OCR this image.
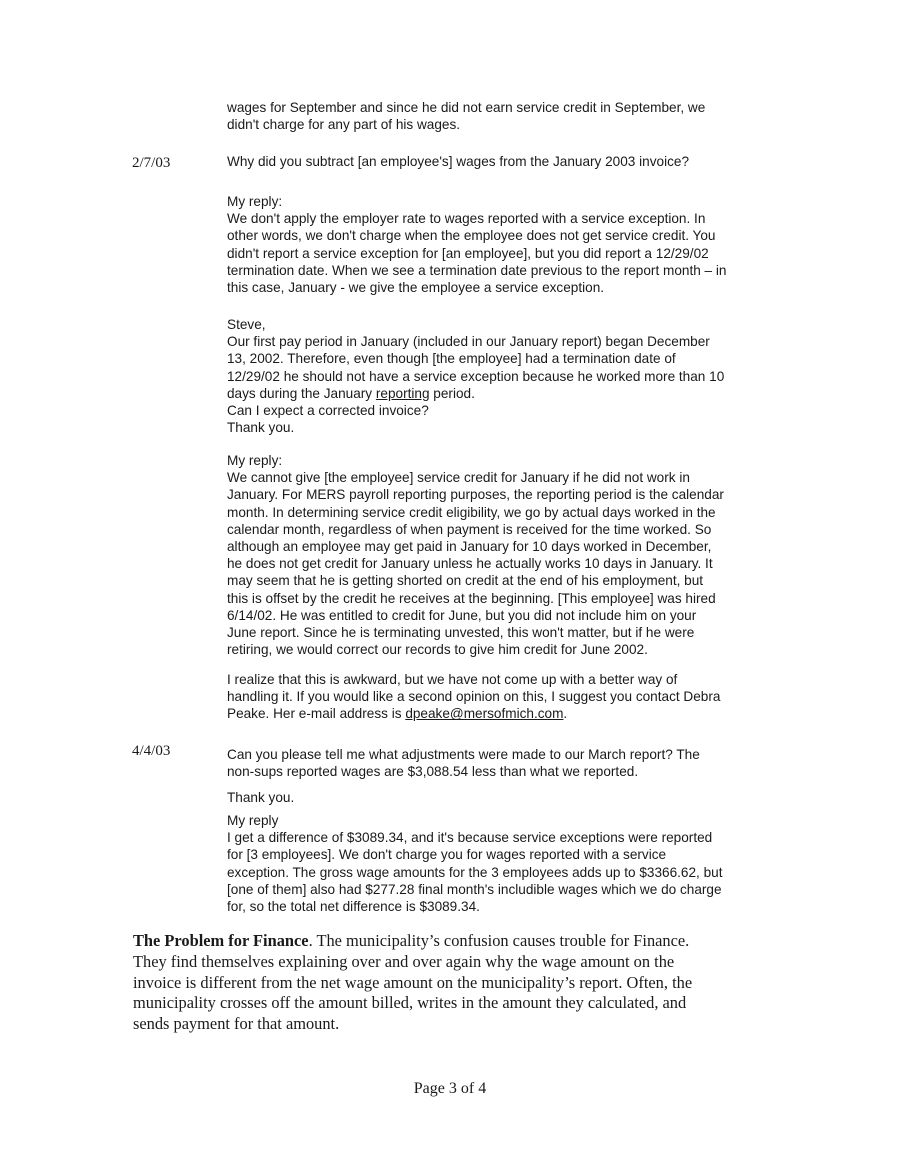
wages for September and since he did not earn service credit in September, we

didn't charge for any part of his wages.

2/7/03	Why did you subtract [an employee's] wages from the January 2003 invoice?

My reply:

We don't apply the employer rate to wages reported with a service exception. In

other words, we don't charge when the employee does not get service credit. You

didn't report a service exception for [an employee], but you did report a 12/29/02

termination date. When we see a termination date previous to the report month – in

this case, January - we give the employee a service exception.

Steve,

Our first pay period in January (included in our January report) began December

13, 2002. Therefore, even though [the employee] had a termination date of

12/29/02 he should not have a service exception because he worked more than 10

days during the January reporting period.

Can I expect a corrected invoice?

Thank you.

My reply:

We cannot give [the employee] service credit for January if he did not work in

January. For MERS payroll reporting purposes, the reporting period is the calendar

month. In determining service credit eligibility, we go by actual days worked in the

calendar month, regardless of when payment is received for the time worked. So

although an employee may get paid in January for 10 days worked in December,

he does not get credit for January unless he actually works 10 days in January. It

may seem that he is getting shorted on credit at the end of his employment, but

this is offset by the credit he receives at the beginning. [This employee] was hired

6/14/02. He was entitled to credit for June, but you did not include him on your

June report. Since he is terminating unvested, this won't matter, but if he were

retiring, we would correct our records to give him credit for June 2002.

I realize that this is awkward, but we have not come up with a better way of

handling it. If you would like a second opinion on this, I suggest you contact Debra

Peake. Her e-mail address is dpeake@mersofmich.com.

4/4/03	Can you please tell me what adjustments were made to our March report? The

non-sups reported wages are $3,088.54 less than what we reported.

Thank you.

My reply

I get a difference of $3089.34, and it's because service exceptions were reported

for [3 employees]. We don't charge you for wages reported with a service

exception. The gross wage amounts for the 3 employees adds up to $3366.62, but

[one of them] also had $277.28 final month's includible wages which we do charge

for, so the total net difference is $3089.34.

The Problem for Finance. The municipality’s confusion causes trouble for Finance.

They find themselves explaining over and over again why the wage amount on the

invoice is different from the net wage amount on the municipality’s report. Often, the

municipality crosses off the amount billed, writes in the amount they calculated, and

sends payment for that amount.

Page 3 of 4
